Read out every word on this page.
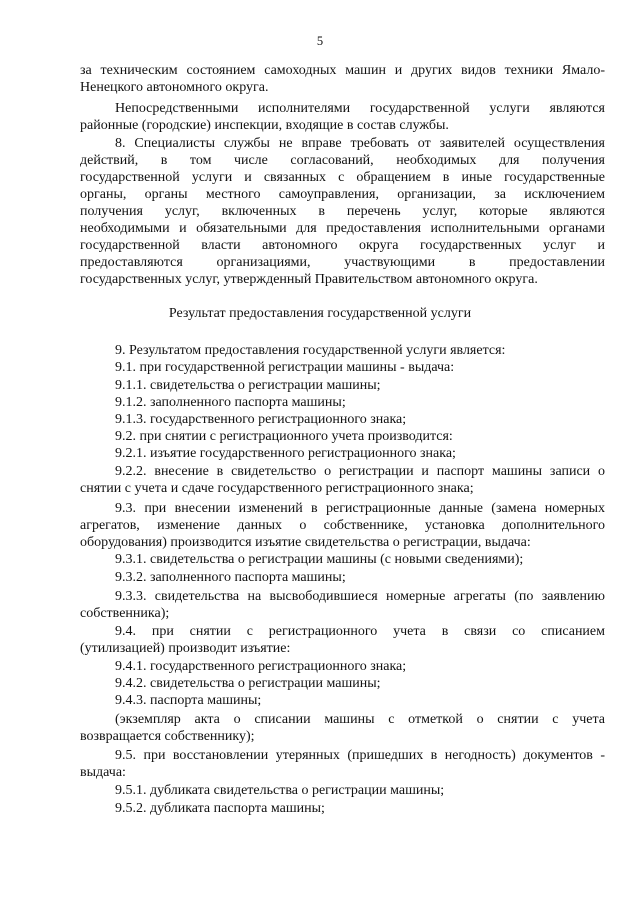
5
за техническим состоянием самоходных машин и других видов техники Ямало-
Ненецкого автономного округа.
Непосредственными исполнителями государственной услуги являются
районные (городские) инспекции, входящие в состав службы.
8. Специалисты службы не вправе требовать от заявителей осуществления
действий, в том числе согласований, необходимых для получения
государственной услуги и связанных с обращением в иные государственные
органы, органы местного самоуправления, организации, за исключением
получения услуг, включенных в перечень услуг, которые являются
необходимыми и обязательными для предоставления исполнительными органами
государственной власти автономного округа государственных услуг и
предоставляются организациями, участвующими в предоставлении
государственных услуг, утвержденный Правительством автономного округа.
Результат предоставления государственной услуги
9. Результатом предоставления государственной услуги является:
9.1. при государственной регистрации машины - выдача:
9.1.1. свидетельства о регистрации машины;
9.1.2. заполненного паспорта машины;
9.1.3. государственного регистрационного знака;
9.2. при снятии с регистрационного учета производится:
9.2.1. изъятие государственного регистрационного знака;
9.2.2. внесение в свидетельство о регистрации и паспорт машины записи о
снятии с учета и сдаче государственного регистрационного знака;
9.3. при внесении изменений в регистрационные данные (замена номерных
агрегатов, изменение данных о собственнике, установка дополнительного
оборудования) производится изъятие свидетельства о регистрации, выдача:
9.3.1. свидетельства о регистрации машины (с новыми сведениями);
9.3.2. заполненного паспорта машины;
9.3.3. свидетельства на высвободившиеся номерные агрегаты (по заявлению
собственника);
9.4. при снятии с регистрационного учета в связи со списанием
(утилизацией) производит изъятие:
9.4.1. государственного регистрационного знака;
9.4.2. свидетельства о регистрации машины;
9.4.3. паспорта машины;
(экземпляр акта о списании машины с отметкой о снятии с учета
возвращается собственнику);
9.5. при восстановлении утерянных (пришедших в негодность) документов -
выдача:
9.5.1. дубликата свидетельства о регистрации машины;
9.5.2. дубликата паспорта машины;
